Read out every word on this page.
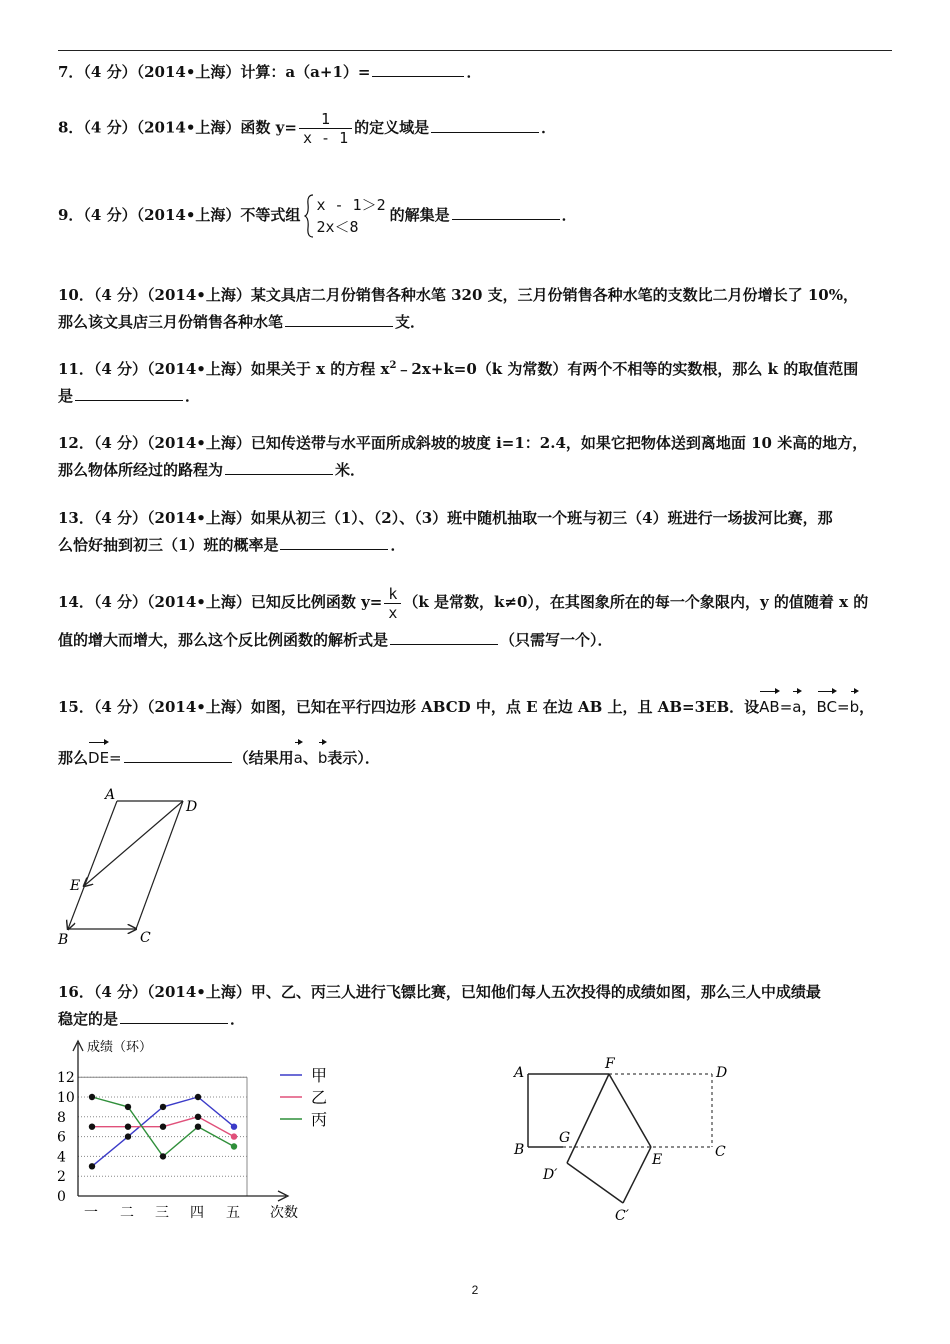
7．（4 分）（2014•上海）计算：a（a+1）=	．
8．（4 分）（2014•上海）函数 $y= \frac{1}{x - 1}$ 的定义域是	．
9．（4 分）（2014•上海）不等式组
x - 1＞2
2x＜8
的解集是	．
10．（4 分）（2014•上海）某文具店二月份销售各种水笔 320 支，三月份销售各种水笔的支数比二月份增长了 10%，
那么该文具店三月份销售各种水笔	支．
11．（4 分）（2014•上海）如果关于 x 的方程 $x^2﹣2x+k=0(k$ 为常数）有两个不相等的实数根，那么 k 的取值范围
是	．
12．（4 分）（2014•上海）已知传送带与水平面所成斜坡的坡度 i=1：2.4，如果它把物体送到离地面 10 米高的地方，
那么物体所经过的路程为	米．
13．（4 分）（2014•上海）如果从初三（1）、（2）、（3）班中随机抽取一个班与初三（4）班进行一场拔河比赛，那
么恰好抽到初三（1）班的概率是	．
14．（4 分）（2014•上海）已知反比例函数 $y= \frac{k}{x} (k$ 是常数，k≠0），在其图象所在的每一个象限内，y 的值随着 x 的
值的增大而增大，那么这个反比例函数的解析式是	（只需写一个）．
15．（4 分）（2014•上海）如图，已知在平行四边形 ABCD 中，点 E 在边 AB 上，且 AB=3EB．设AB=a，BC=b，
那么DE=	（结果用a、b表示）．
A
D
E
B	C
16．（4 分）（2014•上海）甲、乙、丙三人进行飞镖比赛，已知他们每人五次投得的成绩如图，那么三人中成绩最
稳定的是	．
成绩（环）
次数
0
2
4
6
8
10
12
一 二 三 四 五
甲
乙
丙
A
F
D
B
G
E	C
D′
C′
2
